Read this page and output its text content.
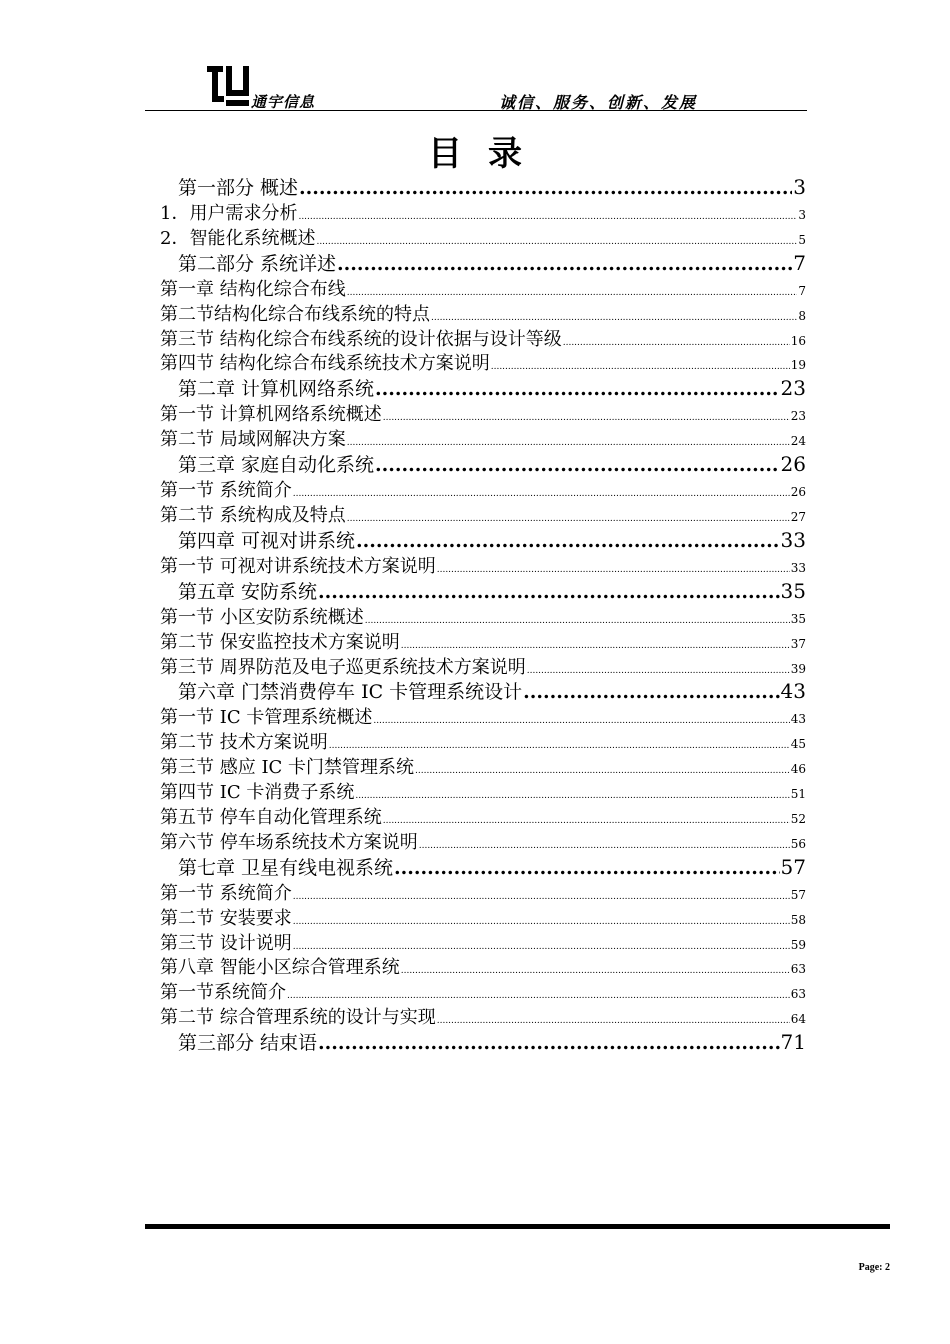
通宇信息	诚信、服务、创新、发展
目录
第一部分 概述 .....	3
1．用户需求分析 .....	3
2．智能化系统概述 .....	5
第二部分 系统详述 .....	7
第一章 结构化综合布线 .....	7
第二节结构化综合布线系统的特点 .....	8
第三节 结构化综合布线系统的设计依据与设计等级 .....	16
第四节 结构化综合布线系统技术方案说明 .....	19
第二章 计算机网络系统 .....	23
第一节 计算机网络系统概述 .....	23
第二节 局域网解决方案 .....	24
第三章 家庭自动化系统 .....	26
第一节 系统简介 .....	26
第二节 系统构成及特点 .....	27
第四章 可视对讲系统 .....	33
第一节 可视对讲系统技术方案说明 .....	33
第五章 安防系统 .....	35
第一节 小区安防系统概述 .....	35
第二节 保安监控技术方案说明 .....	37
第三节 周界防范及电子巡更系统技术方案说明 .....	39
第六章 门禁消费停车 IC 卡管理系统设计 .....	43
第一节 IC 卡管理系统概述 .....	43
第二节 技术方案说明 .....	45
第三节 感应 IC 卡门禁管理系统 .....	46
第四节 IC 卡消费子系统 .....	51
第五节 停车自动化管理系统 .....	52
第六节 停车场系统技术方案说明 .....	56
第七章 卫星有线电视系统 .....	57
第一节 系统简介 .....	57
第二节 安装要求 .....	58
第三节 设计说明 .....	59
第八章 智能小区综合管理系统 .....	63
第一节系统简介 .....	63
第二节 综合管理系统的设计与实现 .....	64
第三部分 结束语 .....	71
Page: 2
